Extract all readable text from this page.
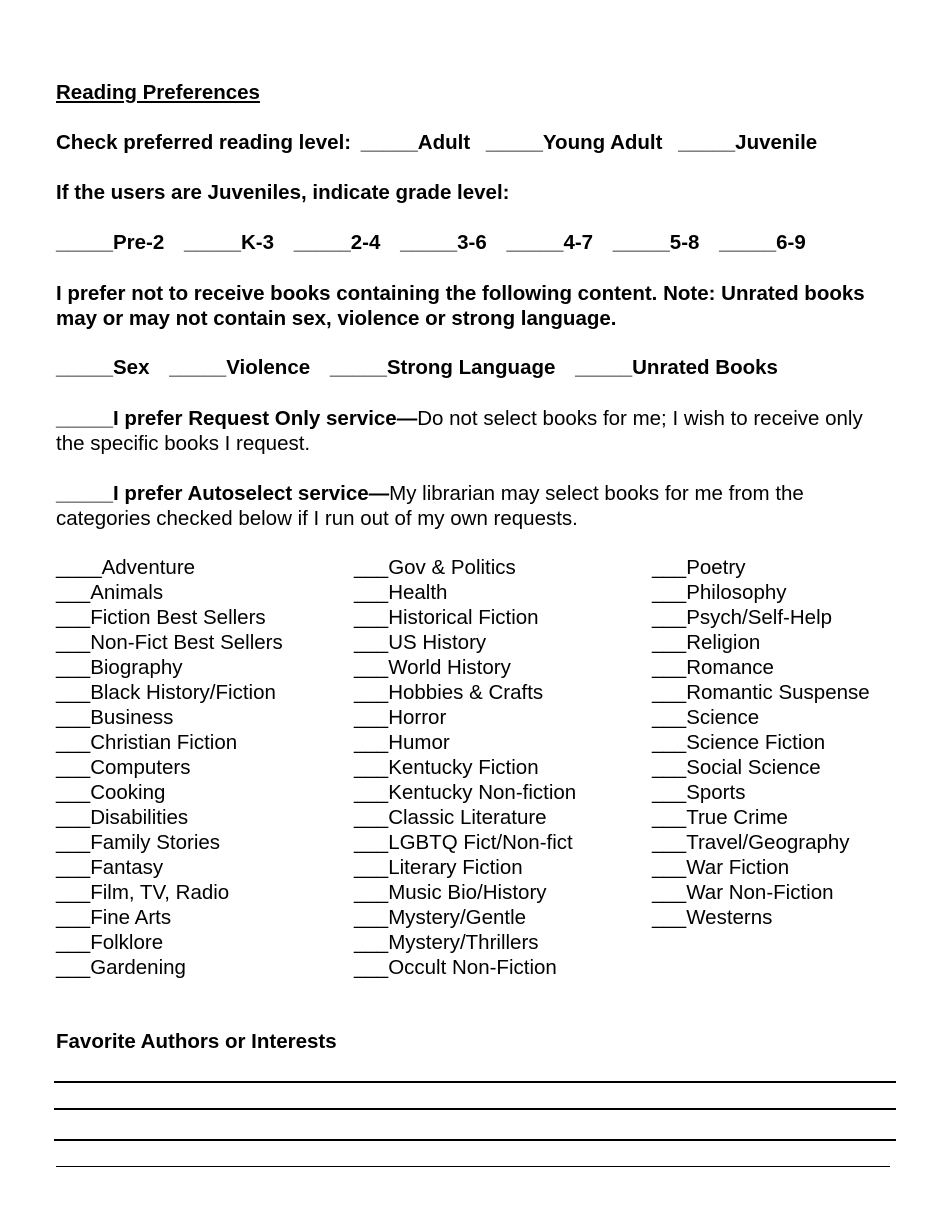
Reading Preferences
Check preferred reading level: _____Adult _____Young Adult _____Juvenile
If the users are Juveniles, indicate grade level:
_____Pre-2 _____K-3 _____2-4 _____3-6 _____4-7 _____5-8 _____6-9
I prefer not to receive books containing the following content. Note: Unrated books may or may not contain sex, violence or strong language.
_____Sex _____Violence _____Strong Language _____Unrated Books
_____I prefer Request Only service—Do not select books for me; I wish to receive only the specific books I request.
_____I prefer Autoselect service—My librarian may select books for me from the categories checked below if I run out of my own requests.
____Adventure
___Animals
___Fiction Best Sellers
___Non-Fict Best Sellers
___Biography
___Black History/Fiction
___Business
___Christian Fiction
___Computers
___Cooking
___Disabilities
___Family Stories
___Fantasy
___Film, TV, Radio
___Fine Arts
___Folklore
___Gardening
___Gov & Politics
___Health
___Historical Fiction
___US History
___World History
___Hobbies & Crafts
___Horror
___Humor
___Kentucky Fiction
___Kentucky Non-fiction
___Classic Literature
___LGBTQ Fict/Non-fict
___Literary Fiction
___Music Bio/History
___Mystery/Gentle
___Mystery/Thrillers
___Occult Non-Fiction
___Poetry
___Philosophy
___Psych/Self-Help
___Religion
___Romance
___Romantic Suspense
___Science
___Science Fiction
___Social Science
___Sports
___True Crime
___Travel/Geography
___War Fiction
___War Non-Fiction
___Westerns
Favorite Authors or Interests
